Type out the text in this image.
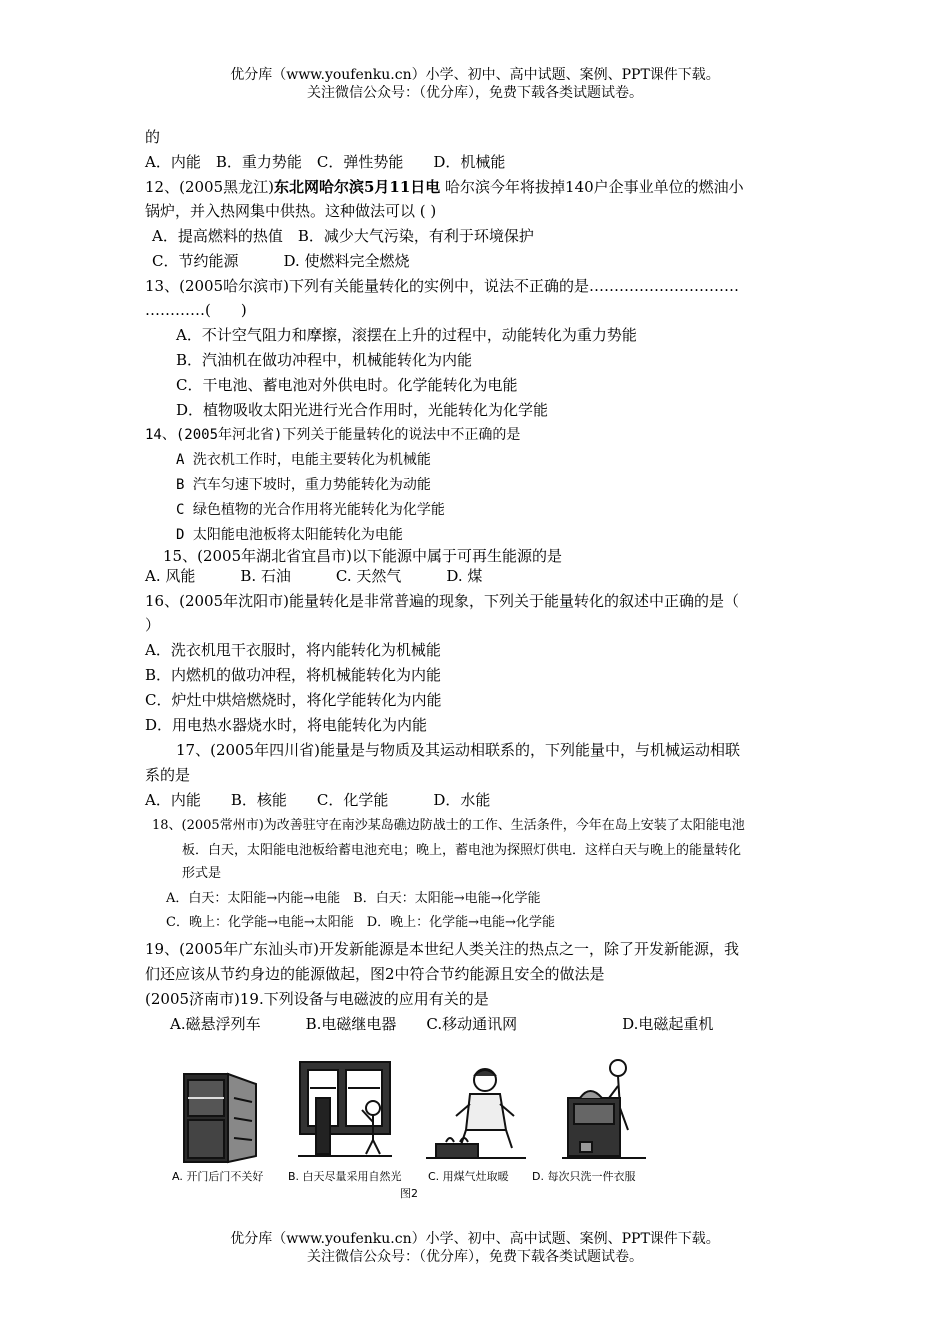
优分库（www.youfenku.cn）小学、初中、高中试题、案例、PPT课件下载。
关注微信公众号：（优分库），免费下载各类试题试卷。
的
A．内能　B．重力势能　C．弹性势能　　D．机械能
12、(2005黑龙江)东北网哈尔滨5月11日电 哈尔滨今年将拔掉140户企事业单位的燃油小
锅炉，并入热网集中供热。这种做法可以 ( )
A．提高燃料的热值　B．减少大气污染，有利于环境保护
C．节约能源　　　D. 使燃料完全燃烧
13、(2005哈尔滨市)下列有关能量转化的实例中，说法不正确的是…………………………
…………(　　)
A．不计空气阻力和摩擦，滚摆在上升的过程中，动能转化为重力势能
B．汽油机在做功冲程中，机械能转化为内能
C．干电池、蓄电池对外供电时。化学能转化为电能
D．植物吸收太阳光进行光合作用时，光能转化为化学能
14、(2005年河北省)下列关于能量转化的说法中不正确的是
A 洗衣机工作时，电能主要转化为机械能
B 汽车匀速下坡时，重力势能转化为动能
C 绿色植物的光合作用将光能转化为化学能
D 太阳能电池板将太阳能转化为电能
15、(2005年湖北省宜昌市)以下能源中属于可再生能源的是
A. 风能　　　B. 石油　　　C. 天然气　　　D. 煤
16、(2005年沈阳市)能量转化是非常普遍的现象，下列关于能量转化的叙述中正确的是（
）
A．洗衣机甩干衣服时，将内能转化为机械能
B．内燃机的做功冲程，将机械能转化为内能
C．炉灶中烘焙燃烧时，将化学能转化为内能
D．用电热水器烧水时，将电能转化为内能
17、(2005年四川省)能量是与物质及其运动相联系的，下列能量中，与机械运动相联
系的是
A．内能　　B．核能　　C．化学能　　　D．水能
18、(2005常州市)为改善驻守在南沙某岛礁边防战士的工作、生活条件，今年在岛上安装了太阳能电池
板．白天，太阳能电池板给蓄电池充电；晚上，蓄电池为探照灯供电．这样白天与晚上的能量转化
形式是
A．白天：太阳能→内能→电能　B．白天：太阳能→电能→化学能
C．晚上：化学能→电能→太阳能　D．晚上：化学能→电能→化学能
19、(2005年广东汕头市)开发新能源是本世纪人类关注的热点之一，除了开发新能源，我
们还应该从节约身边的能源做起，图2中符合节约能源且安全的做法是
(2005济南市)19.下列设备与电磁波的应用有关的是
A.磁悬浮列车　　　B.电磁继电器　　C.移动通讯网　　　　　　　D.电磁起重机
A. 开门后门不关好 B. 白天尽量采用自然光 C. 用煤气灶取暖 D. 每次只洗一件衣服
图2
优分库（www.youfenku.cn）小学、初中、高中试题、案例、PPT课件下载。
关注微信公众号：（优分库），免费下载各类试题试卷。
